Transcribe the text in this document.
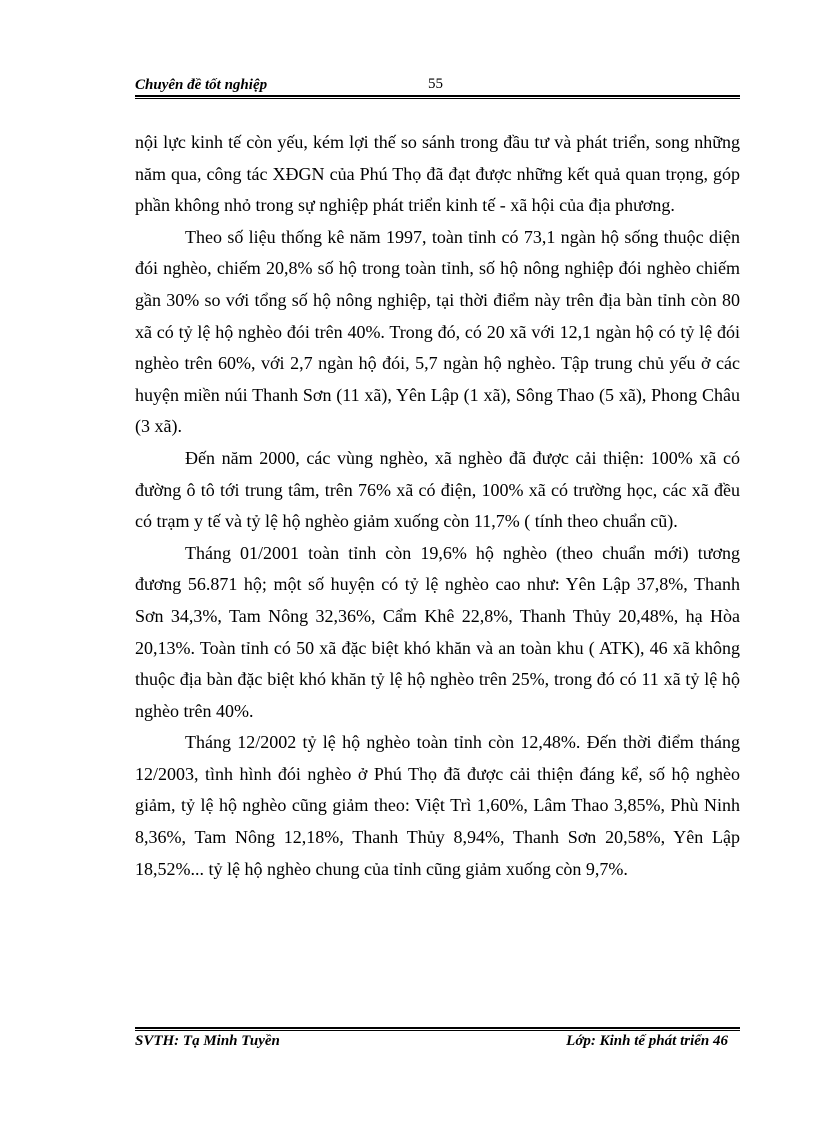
Chuyên đề tốt nghiệp	55

nội lực kinh tế còn yếu, kém lợi thế so sánh trong đầu tư và phát triển, song những năm qua, công tác XĐGN của Phú Thọ đã đạt được những kết quả quan trọng, góp phần không nhỏ trong sự nghiệp phát triển kinh tế - xã hội của địa phương.

Theo số liệu thống kê năm 1997, toàn tỉnh có 73,1 ngàn hộ sống thuộc diện đói nghèo, chiếm 20,8% số hộ trong toàn tỉnh, số hộ nông nghiệp đói nghèo chiếm gần 30% so với tổng số hộ nông nghiệp, tại thời điểm này trên địa bàn tỉnh còn 80 xã có tỷ lệ hộ nghèo đói trên 40%. Trong đó, có 20 xã với 12,1 ngàn hộ có tỷ lệ đói nghèo trên 60%, với 2,7 ngàn hộ đói, 5,7 ngàn hộ nghèo. Tập trung chủ yếu ở các huyện miền núi Thanh Sơn (11 xã), Yên Lập (1 xã), Sông Thao (5 xã), Phong Châu (3 xã).

Đến năm 2000, các vùng nghèo, xã nghèo đã được cải thiện: 100% xã có đường ô tô tới trung tâm, trên 76% xã có điện, 100% xã có trường học, các xã đều có trạm y tế và tỷ lệ hộ nghèo giảm xuống còn 11,7% ( tính theo chuẩn cũ).

Tháng 01/2001 toàn tỉnh còn 19,6% hộ nghèo (theo chuẩn mới) tương đương 56.871 hộ; một số huyện có tỷ lệ nghèo cao như: Yên Lập 37,8%, Thanh Sơn 34,3%, Tam Nông 32,36%, Cẩm Khê 22,8%, Thanh Thủy 20,48%, hạ Hòa 20,13%. Toàn tỉnh có 50 xã đặc biệt khó khăn và an toàn khu ( ATK), 46 xã không thuộc địa bàn đặc biệt khó khăn tỷ lệ hộ nghèo trên 25%, trong đó có 11 xã tỷ lệ hộ nghèo trên 40%.

Tháng 12/2002 tỷ lệ hộ nghèo toàn tỉnh còn 12,48%. Đến thời điểm tháng 12/2003, tình hình đói nghèo ở Phú Thọ đã được cải thiện đáng kể, số hộ nghèo giảm, tỷ lệ hộ nghèo cũng giảm theo: Việt Trì 1,60%, Lâm Thao 3,85%, Phù Ninh 8,36%, Tam Nông 12,18%, Thanh Thủy 8,94%, Thanh Sơn 20,58%, Yên Lập 18,52%... tỷ lệ hộ nghèo chung của tỉnh cũng giảm xuống còn 9,7%.

SVTH: Tạ Minh Tuyền	Lớp: Kinh tế phát triển 46
